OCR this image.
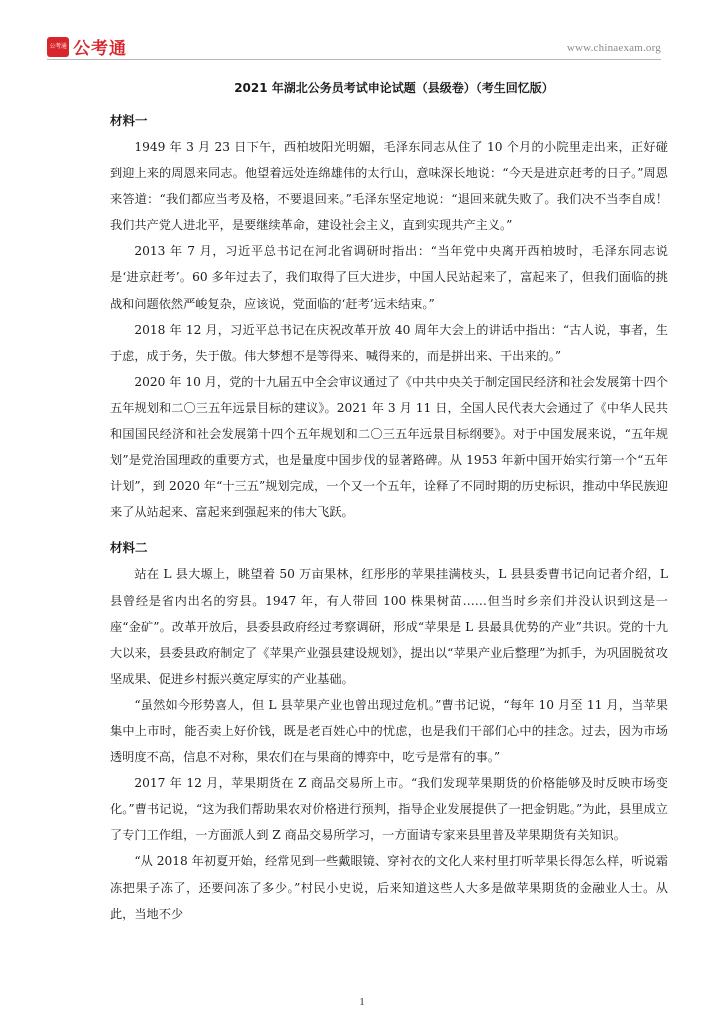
公考通 公考通	www.chinaexam.org
2021 年湖北公务员考试申论试题（县级卷）（考生回忆版）
材料一

1949 年 3 月 23 日下午，西柏坡阳光明媚，毛泽东同志从住了 10 个月的小院里走出来，正好碰到迎上来的周恩来同志。他望着远处连绵雄伟的太行山，意味深长地说：“今天是进京赶考的日子。”周恩来答道：“我们都应当考及格，不要退回来。”毛泽东坚定地说：“退回来就失败了。我们决不当李自成！我们共产党人进北平，是要继续革命，建设社会主义，直到实现共产主义。”

2013 年 7 月，习近平总书记在河北省调研时指出：“当年党中央离开西柏坡时，毛泽东同志说是‘进京赶考’。60 多年过去了，我们取得了巨大进步，中国人民站起来了，富起来了，但我们面临的挑战和问题依然严峻复杂，应该说，党面临的‘赶考’远未结束。”

2018 年 12 月，习近平总书记在庆祝改革开放 40 周年大会上的讲话中指出：“古人说，事者，生于虑，成于务，失于傲。伟大梦想不是等得来、喊得来的，而是拼出来、干出来的。”

2020 年 10 月，党的十九届五中全会审议通过了《中共中央关于制定国民经济和社会发展第十四个五年规划和二〇三五年远景目标的建议》。2021 年 3 月 11 日，全国人民代表大会通过了《中华人民共和国国民经济和社会发展第十四个五年规划和二〇三五年远景目标纲要》。对于中国发展来说，“五年规划”是党治国理政的重要方式，也是量度中国步伐的显著路碑。从 1953 年新中国开始实行第一个“五年计划”，到 2020 年“十三五”规划完成，一个又一个五年，诠释了不同时期的历史标识，推动中华民族迎来了从站起来、富起来到强起来的伟大飞跃。

材料二

站在 L 县大塬上，眺望着 50 万亩果林，红彤彤的苹果挂满枝头，L 县县委曹书记向记者介绍，L 县曾经是省内出名的穷县。1947 年，有人带回 100 株果树苗……但当时乡亲们并没认识到这是一座“金矿”。改革开放后，县委县政府经过考察调研，形成“苹果是 L 县最具优势的产业”共识。党的十九大以来，县委县政府制定了《苹果产业强县建设规划》，提出以“苹果产业后整理”为抓手，为巩固脱贫攻坚成果、促进乡村振兴奠定厚实的产业基础。

“虽然如今形势喜人，但 L 县苹果产业也曾出现过危机。”曹书记说，“每年 10 月至 11 月，当苹果集中上市时，能否卖上好价钱，既是老百姓心中的忧虑，也是我们干部们心中的挂念。过去，因为市场透明度不高，信息不对称，果农们在与果商的博弈中，吃亏是常有的事。”

2017 年 12 月，苹果期货在 Z 商品交易所上市。“我们发现苹果期货的价格能够及时反映市场变化。”曹书记说，“这为我们帮助果农对价格进行预判，指导企业发展提供了一把金钥匙。”为此，县里成立了专门工作组，一方面派人到 Z 商品交易所学习，一方面请专家来县里普及苹果期货有关知识。

“从 2018 年初夏开始，经常见到一些戴眼镜、穿衬衣的文化人来村里打听苹果长得怎么样，听说霜冻把果子冻了，还要问冻了多少。”村民小史说，后来知道这些人大多是做苹果期货的金融业人士。从此，当地不少

1
